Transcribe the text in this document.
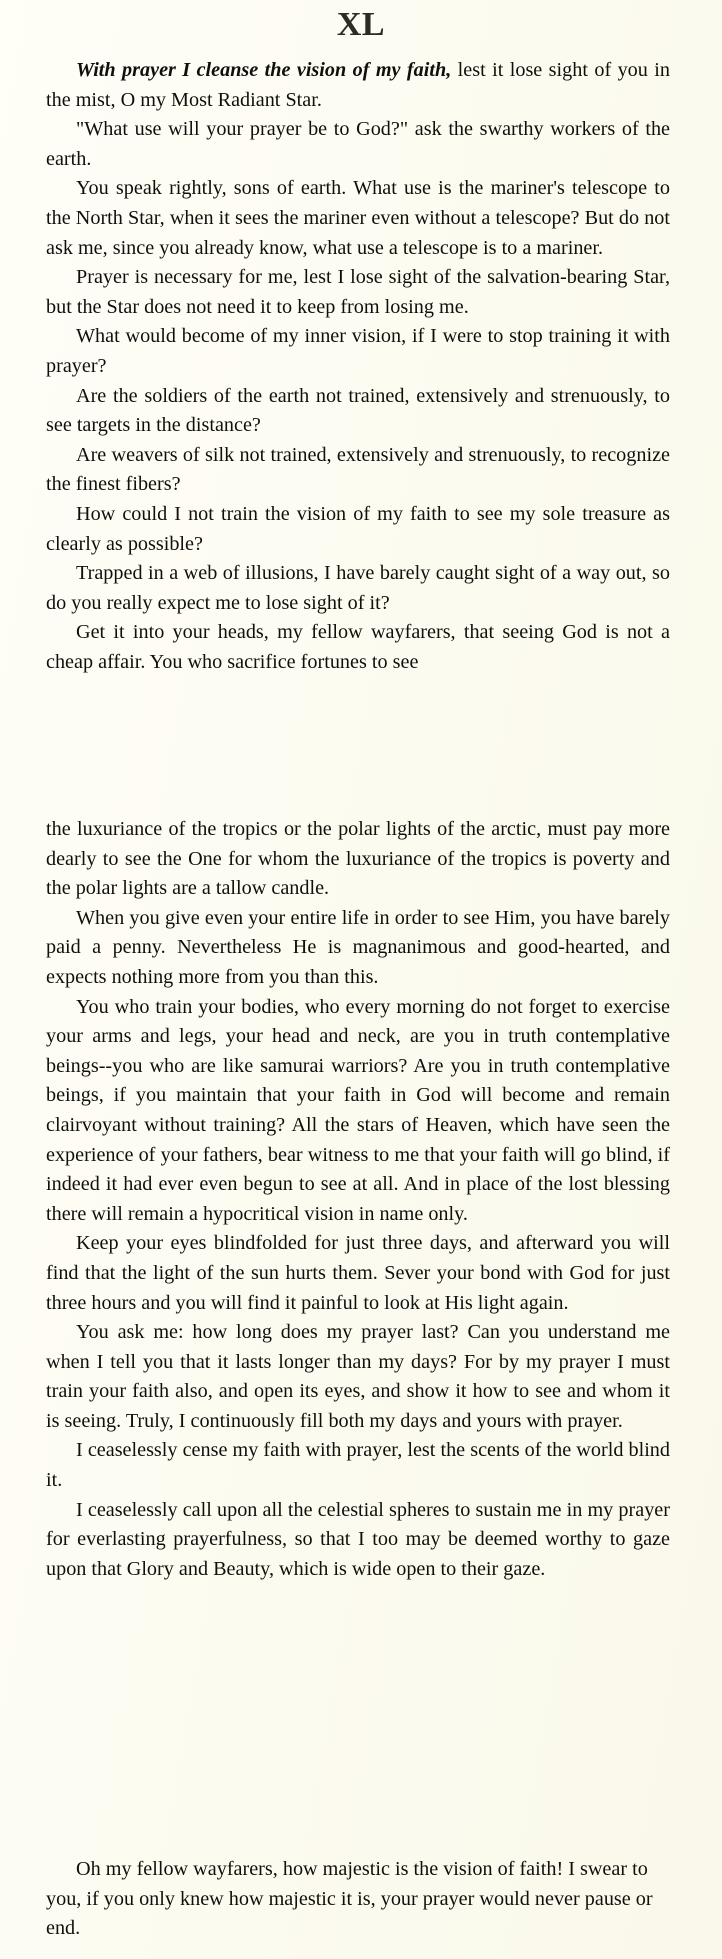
XL

With prayer I cleanse the vision of my faith, lest it lose sight of you in the mist, O my Most Radiant Star.

"What use will your prayer be to God?" ask the swarthy workers of the earth.

You speak rightly, sons of earth. What use is the mariner's telescope to the North Star, when it sees the mariner even without a telescope? But do not ask me, since you already know, what use a telescope is to a mariner.

Prayer is necessary for me, lest I lose sight of the salvation-bearing Star, but the Star does not need it to keep from losing me.

What would become of my inner vision, if I were to stop training it with prayer?

Are the soldiers of the earth not trained, extensively and strenuously, to see targets in the distance?

Are weavers of silk not trained, extensively and strenuously, to recognize the finest fibers?

How could I not train the vision of my faith to see my sole treasure as clearly as possible?

Trapped in a web of illusions, I have barely caught sight of a way out, so do you really expect me to lose sight of it?

Get it into your heads, my fellow wayfarers, that seeing God is not a cheap affair. You who sacrifice fortunes to see

the luxuriance of the tropics or the polar lights of the arctic, must pay more dearly to see the One for whom the luxuriance of the tropics is poverty and the polar lights are a tallow candle.

When you give even your entire life in order to see Him, you have barely paid a penny. Nevertheless He is magnanimous and good-hearted, and expects nothing more from you than this.

You who train your bodies, who every morning do not forget to exercise your arms and legs, your head and neck, are you in truth contemplative beings--you who are like samurai warriors? Are you in truth contemplative beings, if you maintain that your faith in God will become and remain clairvoyant without training? All the stars of Heaven, which have seen the experience of your fathers, bear witness to me that your faith will go blind, if indeed it had ever even begun to see at all. And in place of the lost blessing there will remain a hypocritical vision in name only.

Keep your eyes blindfolded for just three days, and afterward you will find that the light of the sun hurts them. Sever your bond with God for just three hours and you will find it painful to look at His light again.

You ask me: how long does my prayer last? Can you understand me when I tell you that it lasts longer than my days? For by my prayer I must train your faith also, and open its eyes, and show it how to see and whom it is seeing. Truly, I continuously fill both my days and yours with prayer.

I ceaselessly cense my faith with prayer, lest the scents of the world blind it.

I ceaselessly call upon all the celestial spheres to sustain me in my prayer for everlasting prayerfulness, so that I too may be deemed worthy to gaze upon that Glory and Beauty, which is wide open to their gaze.

Oh my fellow wayfarers, how majestic is the vision of faith! I swear to you, if you only knew how majestic it is, your prayer would never pause or end.
